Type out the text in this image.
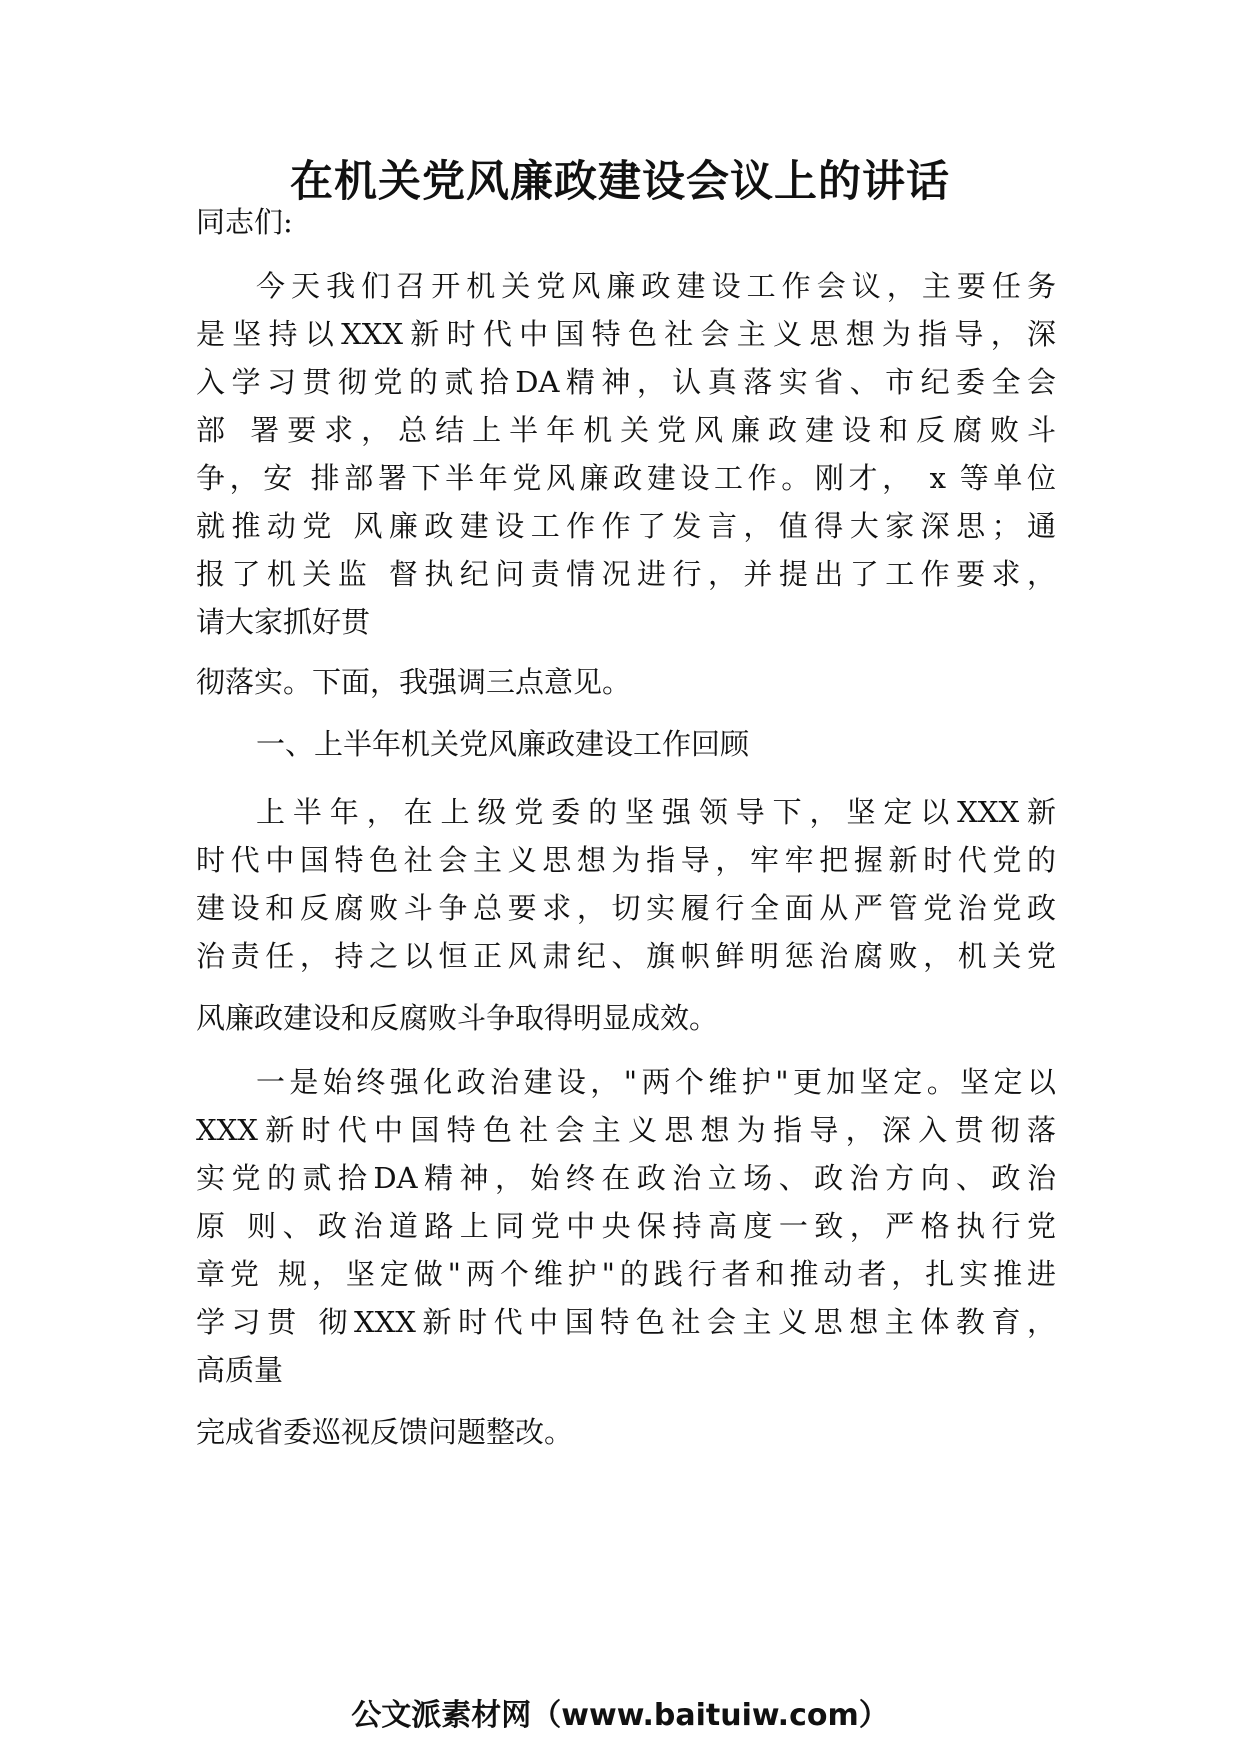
在机关党风廉政建设会议上的讲话

同志们:

今天我们召开机关党风廉政建设工作会议，主要任务

是坚持以XXX新时代中国特色社会主义思想为指导，深

入学习贯彻党的贰拾DA精神，认真落实省、市纪委全会

部 署要求，总结上半年机关党风廉政建设和反腐败斗

争，安 排部署下半年党风廉政建设工作。刚才， x 等单位

就推动党 风廉政建设工作作了发言，值得大家深思；通

报了机关监 督执纪问责情况进行，并提出了工作要求，

请大家抓好贯

彻落实。下面，我强调三点意见。

一、上半年机关党风廉政建设工作回顾

上半年，在上级党委的坚强领导下，坚定以XXX新

时代中国特色社会主义思想为指导，牢牢把握新时代党的

建设和反腐败斗争总要求，切实履行全面从严管党治党政

治责任，持之以恒正风肃纪、旗帜鲜明惩治腐败，机关党

风廉政建设和反腐败斗争取得明显成效。

一是始终强化政治建设，"两个维护"更加坚定。坚定以

XXX新时代中国特色社会主义思想为指导，深入贯彻落

实党的贰拾DA精神，始终在政治立场、政治方向、政治

原 则、政治道路上同党中央保持高度一致，严格执行党

章党 规，坚定做"两个维护"的践行者和推动者，扎实推进

学习贯 彻XXX新时代中国特色社会主义思想主体教育，

高质量

完成省委巡视反馈问题整改。

公文派素材网（www.baituiw.com）
